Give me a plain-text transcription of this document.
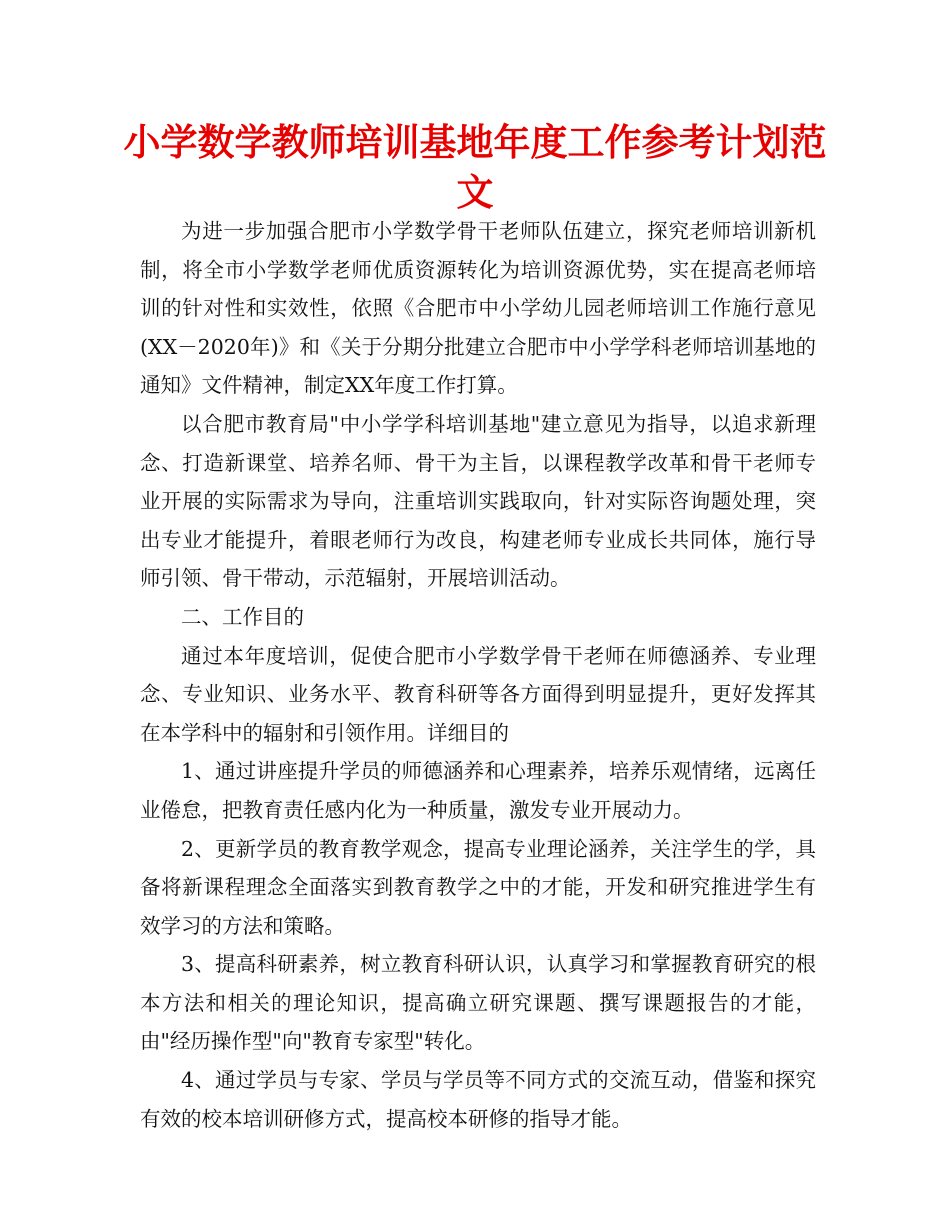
小学数学教师培训基地年度工作参考计划范文

为进一步加强合肥市小学数学骨干老师队伍建立，探究老师培训新机制，将全市小学数学老师优质资源转化为培训资源优势，实在提高老师培训的针对性和实效性，依照《合肥市中小学幼儿园老师培训工作施行意见(XX－2020年)》和《关于分期分批建立合肥市中小学学科老师培训基地的通知》文件精神，制定XX年度工作打算。

以合肥市教育局"中小学学科培训基地"建立意见为指导，以追求新理念、打造新课堂、培养名师、骨干为主旨，以课程教学改革和骨干老师专业开展的实际需求为导向，注重培训实践取向，针对实际咨询题处理，突出专业才能提升，着眼老师行为改良，构建老师专业成长共同体，施行导师引领、骨干带动，示范辐射，开展培训活动。

二、工作目的

通过本年度培训，促使合肥市小学数学骨干老师在师德涵养、专业理念、专业知识、业务水平、教育科研等各方面得到明显提升，更好发挥其在本学科中的辐射和引领作用。详细目的

1、通过讲座提升学员的师德涵养和心理素养，培养乐观情绪，远离任业倦怠，把教育责任感内化为一种质量，激发专业开展动力。

2、更新学员的教育教学观念，提高专业理论涵养，关注学生的学，具备将新课程理念全面落实到教育教学之中的才能，开发和研究推进学生有效学习的方法和策略。

3、提高科研素养，树立教育科研认识，认真学习和掌握教育研究的根本方法和相关的理论知识，提高确立研究课题、撰写课题报告的才能，由"经历操作型"向"教育专家型"转化。

4、通过学员与专家、学员与学员等不同方式的交流互动，借鉴和探究有效的校本培训研修方式，提高校本研修的指导才能。
